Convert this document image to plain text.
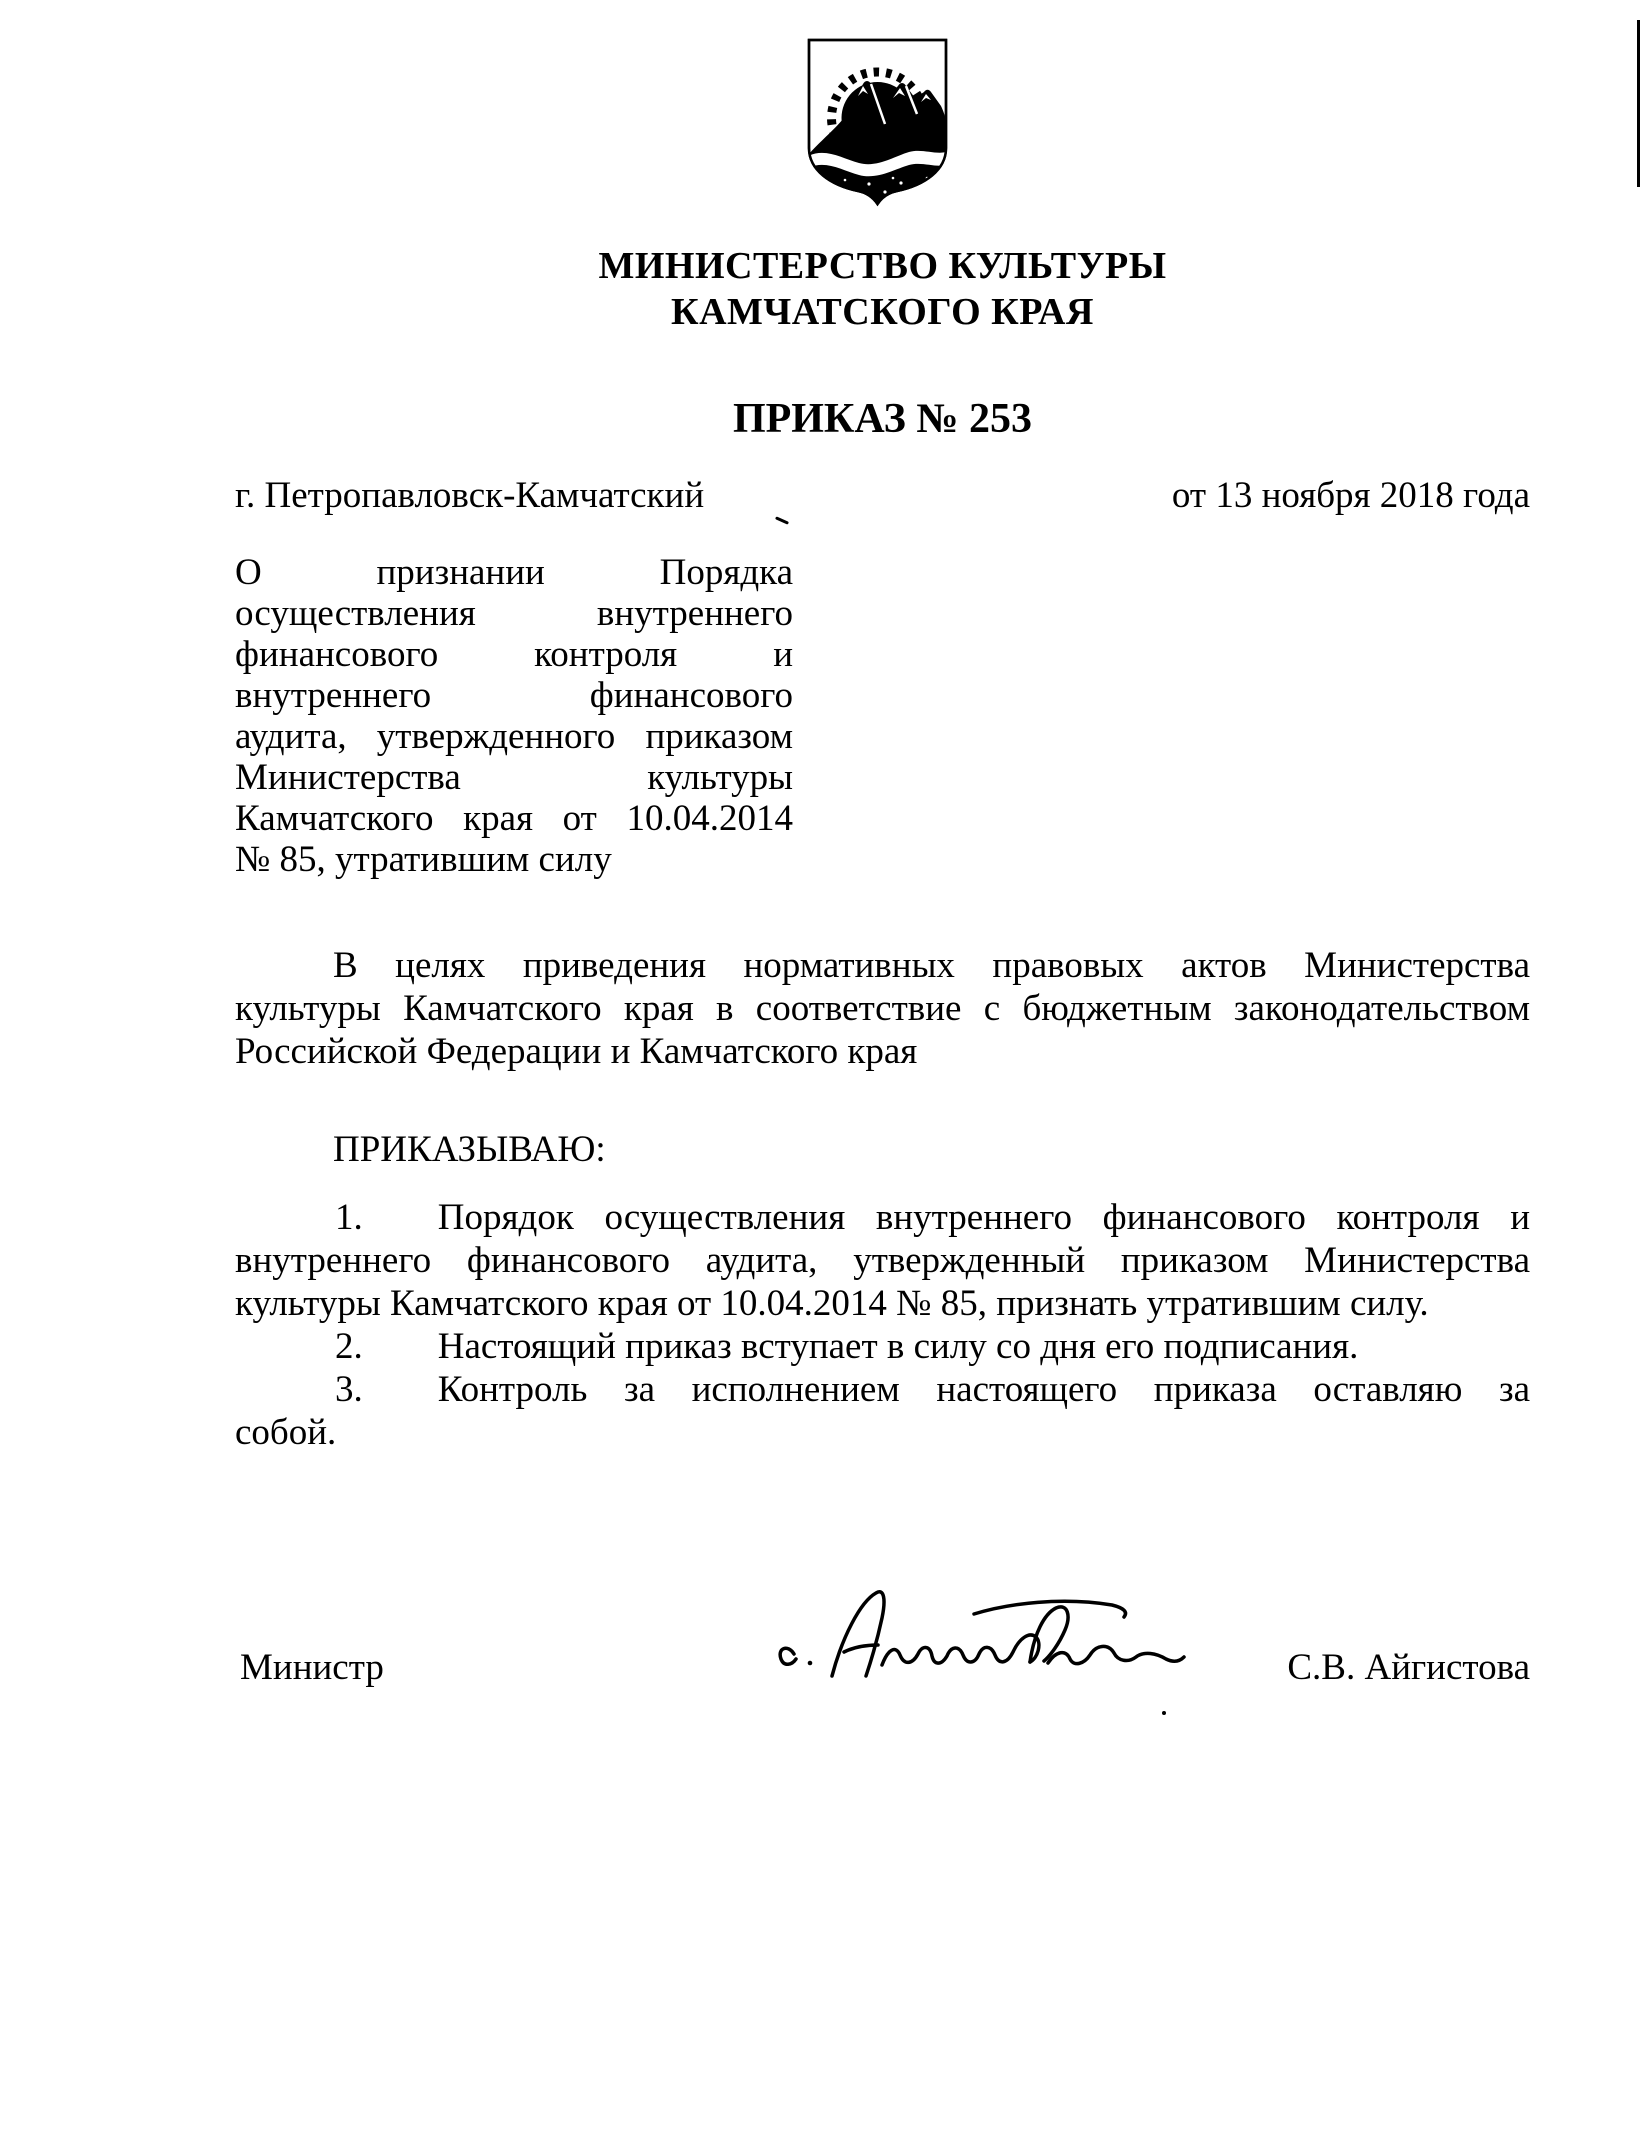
МИНИСТЕРСТВО КУЛЬТУРЫ
КАМЧАТСКОГО КРАЯ
ПРИКАЗ № 253
г. Петропавловск-Камчатский	от 13 ноября 2018 года
О признании Порядка
осуществления внутреннего
финансового контроля и
внутреннего финансового
аудита, утвержденного приказом
Министерства культуры
Камчатского края от 10.04.2014
№ 85, утратившим силу
В целях приведения нормативных правовых актов Министерства
культуры Камчатского края в соответствие с бюджетным законодательством
Российской Федерации и Камчатского края
ПРИКАЗЫВАЮ:
1. Порядок осуществления внутреннего финансового контроля и
внутреннего финансового аудита, утвержденный приказом Министерства
культуры Камчатского края от 10.04.2014 № 85, признать утратившим силу.
2. Настоящий приказ вступает в силу со дня его подписания.
3. Контроль за исполнением настоящего приказа оставляю за
собой.
Министр	С.В. Айгистова
